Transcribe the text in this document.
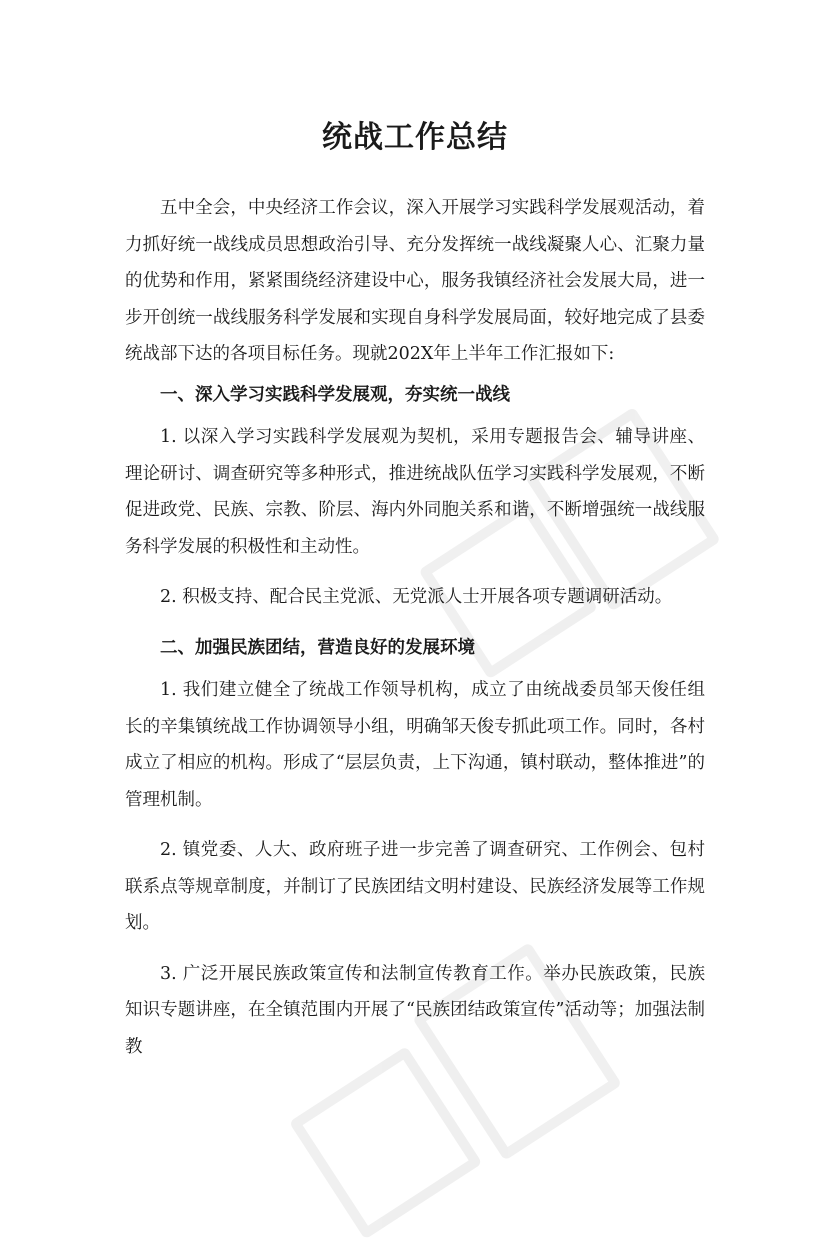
统战工作总结

五中全会，中央经济工作会议，深入开展学习实践科学发展观活动，着力抓好统一战线成员思想政治引导、充分发挥统一战线凝聚人心、汇聚力量的优势和作用，紧紧围绕经济建设中心，服务我镇经济社会发展大局，进一步开创统一战线服务科学发展和实现自身科学发展局面，较好地完成了县委统战部下达的各项目标任务。现就202X年上半年工作汇报如下:

一、深入学习实践科学发展观，夯实统一战线

1. 以深入学习实践科学发展观为契机，采用专题报告会、辅导讲座、理论研讨、调查研究等多种形式，推进统战队伍学习实践科学发展观，不断促进政党、民族、宗教、阶层、海内外同胞关系和谐，不断增强统一战线服务科学发展的积极性和主动性。

2. 积极支持、配合民主党派、无党派人士开展各项专题调研活动。

二、加强民族团结，营造良好的发展环境

1. 我们建立健全了统战工作领导机构，成立了由统战委员邹天俊任组长的辛集镇统战工作协调领导小组，明确邹天俊专抓此项工作。同时，各村成立了相应的机构。形成了“层层负责，上下沟通，镇村联动，整体推进”的管理机制。

2. 镇党委、人大、政府班子进一步完善了调查研究、工作例会、包村联系点等规章制度，并制订了民族团结文明村建设、民族经济发展等工作规划。

3. 广泛开展民族政策宣传和法制宣传教育工作。举办民族政策，民族知识专题讲座，在全镇范围内开展了“民族团结政策宣传”活动等；加强法制教
